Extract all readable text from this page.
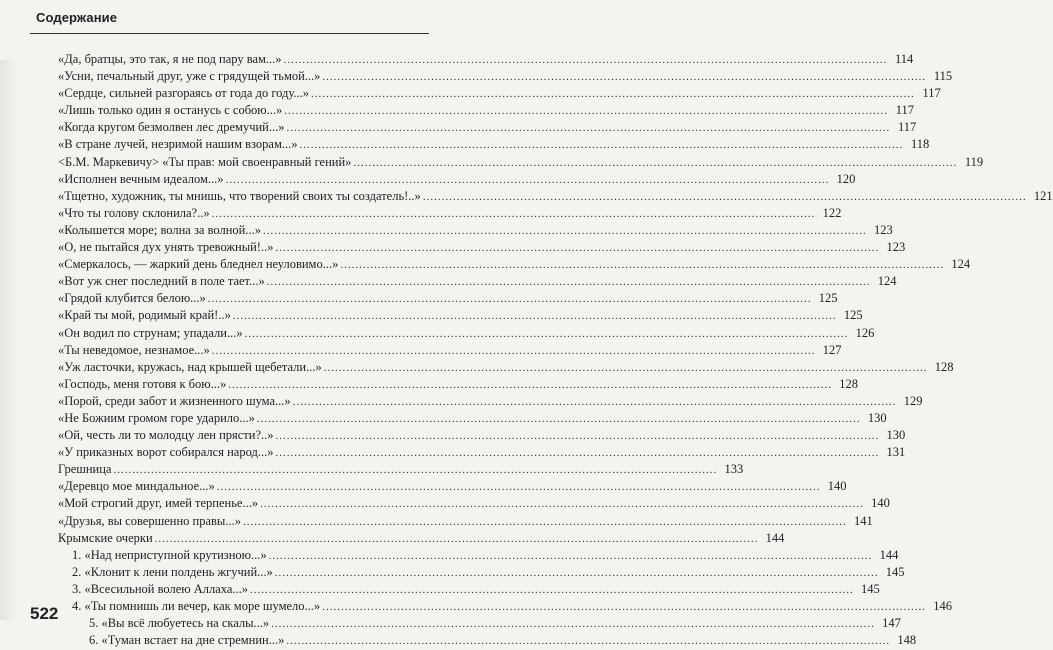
Содержание
«Да, братцы, это так, я не под пару вам...» .....	114
«Усни, печальный друг, уже с грядущей тьмой...» .....	115
«Сердце, сильней разгораясь от года до году...» .....	117
«Лишь только один я останусь с собою...» .....	117
«Когда кругом безмолвен лес дремучий...» .....	117
«В стране лучей, незримой нашим взорам...» .....	118
<Б.М. Маркевичу> «Ты прав: мой своенравный гений» .....	119
«Исполнен вечным идеалом...» .....	120
«Тщетно, художник, ты мнишь, что творений своих ты создатель!..» .....	121
«Что ты голову склонила?..» .....	122
«Колышется море; волна за волной...» .....	123
«О, не пытайся дух унять тревожный!..» .....	123
«Смеркалось, — жаркий день бледнел неуловимо...» .....	124
«Вот уж снег последний в поле тает...» .....	124
«Грядой клубится белою...» .....	125
«Край ты мой, родимый край!..» .....	125
«Он водил по струнам; упадали...» .....	126
«Ты неведомое, незнамое...» .....	127
«Уж ласточки, кружась, над крышей щебетали...» .....	128
«Господь, меня готовя к бою...» .....	128
«Порой, среди забот и жизненного шума...» .....	129
«Не Божиим громом горе ударило...» .....	130
«Ой, честь ли то молодцу лен прясти?..» .....	130
«У приказных ворот собирался народ...» .....	131
Грешница .....	133
«Деревцо мое миндальное...» .....	140
«Мой строгий друг, имей терпенье...» .....	140
«Друзья, вы совершенно правы...» .....	141
Крымские очерки .....	144
1. «Над неприступной крутизною...» .....	144
2. «Клонит к лени полдень жгучий...» .....	145
3. «Всесильной волею Аллаха...» .....	145
4. «Ты помнишь ли вечер, как море шумело...» .....	146
5. «Вы всё любуетесь на скалы...» .....	147
6. «Туман встает на дне стремнин...» .....	148
522
